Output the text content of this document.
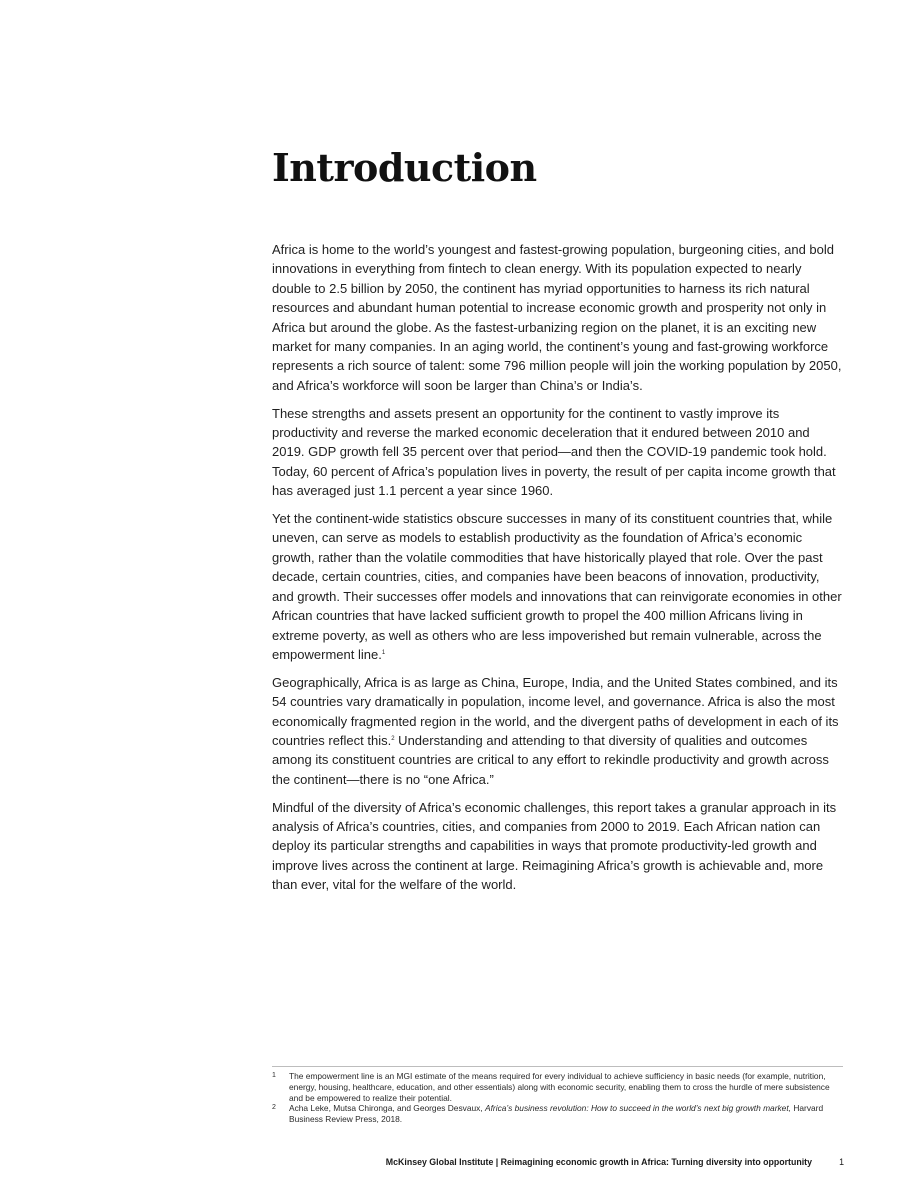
Introduction

Africa is home to the world’s youngest and fastest-growing population, burgeoning cities, and bold innovations in everything from fintech to clean energy. With its population expected to nearly double to 2.5 billion by 2050, the continent has myriad opportunities to harness its rich natural resources and abundant human potential to increase economic growth and prosperity not only in Africa but around the globe. As the fastest-urbanizing region on the planet, it is an exciting new market for many companies. In an aging world, the continent’s young and fast-growing workforce represents a rich source of talent: some 796 million people will join the working population by 2050, and Africa’s workforce will soon be larger than China’s or India’s.

These strengths and assets present an opportunity for the continent to vastly improve its productivity and reverse the marked economic deceleration that it endured between 2010 and 2019. GDP growth fell 35 percent over that period—and then the COVID-19 pandemic took hold. Today, 60 percent of Africa’s population lives in poverty, the result of per capita income growth that has averaged just 1.1 percent a year since 1960.

Yet the continent-wide statistics obscure successes in many of its constituent countries that, while uneven, can serve as models to establish productivity as the foundation of Africa’s economic growth, rather than the volatile commodities that have historically played that role. Over the past decade, certain countries, cities, and companies have been beacons of innovation, productivity, and growth. Their successes offer models and innovations that can reinvigorate economies in other African countries that have lacked sufficient growth to propel the 400 million Africans living in extreme poverty, as well as others who are less impoverished but remain vulnerable, across the empowerment line.$^1$

Geographically, Africa is as large as China, Europe, India, and the United States combined, and its 54 countries vary dramatically in population, income level, and governance. Africa is also the most economically fragmented region in the world, and the divergent paths of development in each of its countries reflect this.$^2$ Understanding and attending to that diversity of qualities and outcomes among its constituent countries are critical to any effort to rekindle productivity and growth across the continent—there is no “one Africa.”

Mindful of the diversity of Africa’s economic challenges, this report takes a granular approach in its analysis of Africa’s countries, cities, and companies from 2000 to 2019. Each African nation can deploy its particular strengths and capabilities in ways that promote productivity-led growth and improve lives across the continent at large. Reimagining Africa’s growth is achievable and, more than ever, vital for the welfare of the world.

1	The empowerment line is an MGI estimate of the means required for every individual to achieve sufficiency in basic needs (for example, nutrition, energy, housing, healthcare, education, and other essentials) along with economic security, enabling them to cross the hurdle of mere subsistence and be empowered to realize their potential.
2	Acha Leke, Mutsa Chironga, and Georges Desvaux, Africa’s business revolution: How to succeed in the world’s next big growth market, Harvard Business Review Press, 2018.
McKinsey Global Institute | Reimagining economic growth in Africa: Turning diversity into opportunity	1
